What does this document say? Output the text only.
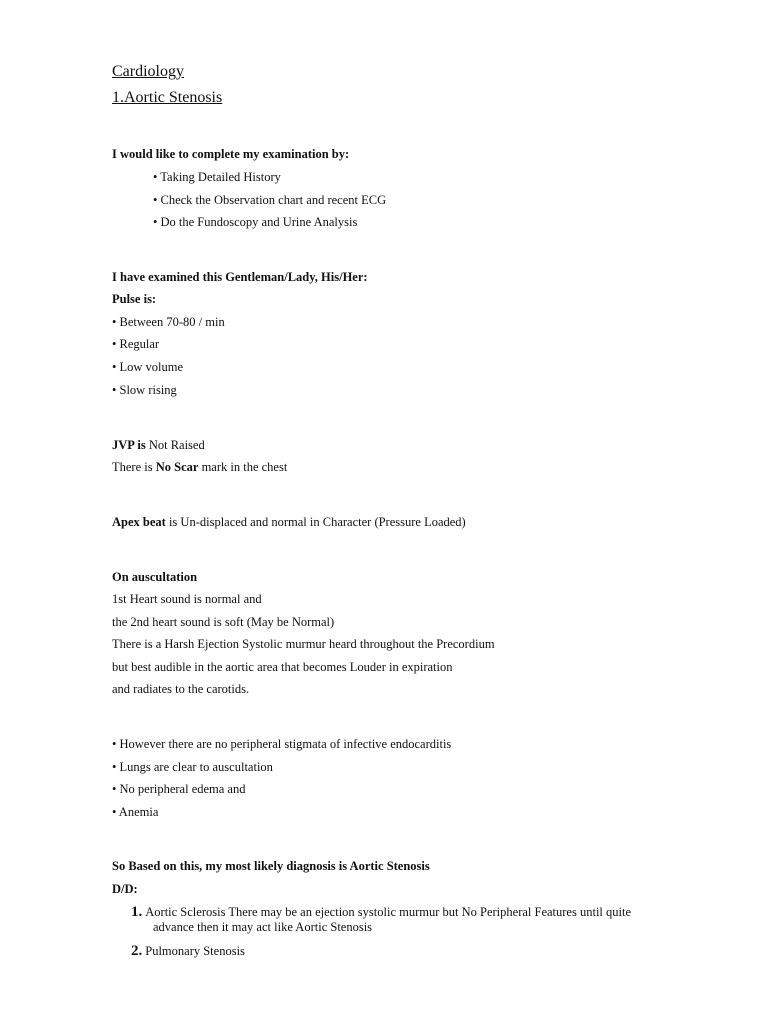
Cardiology
1.Aortic Stenosis
I would like to complete my examination by:
• Taking Detailed History
• Check the Observation chart and recent ECG
• Do the Fundoscopy and Urine Analysis
I have examined this Gentleman/Lady, His/Her:
Pulse is:
• Between 70-80 / min
• Regular
• Low volume
• Slow rising
JVP is Not Raised
There is No Scar mark in the chest
Apex beat is Un-displaced and normal in Character (Pressure Loaded)
On auscultation
1st Heart sound is normal and
the 2nd heart sound is soft (May be Normal)
There is a Harsh Ejection Systolic murmur heard throughout the Precordium
but best audible in the aortic area that becomes Louder in expiration
and radiates to the carotids.
• However there are no peripheral stigmata of infective endocarditis
• Lungs are clear to auscultation
• No peripheral edema and
• Anemia
So Based on this, my most likely diagnosis is Aortic Stenosis
D/D:
1. Aortic Sclerosis There may be an ejection systolic murmur but No Peripheral Features until quite
advance then it may act like Aortic Stenosis
2. Pulmonary Stenosis
